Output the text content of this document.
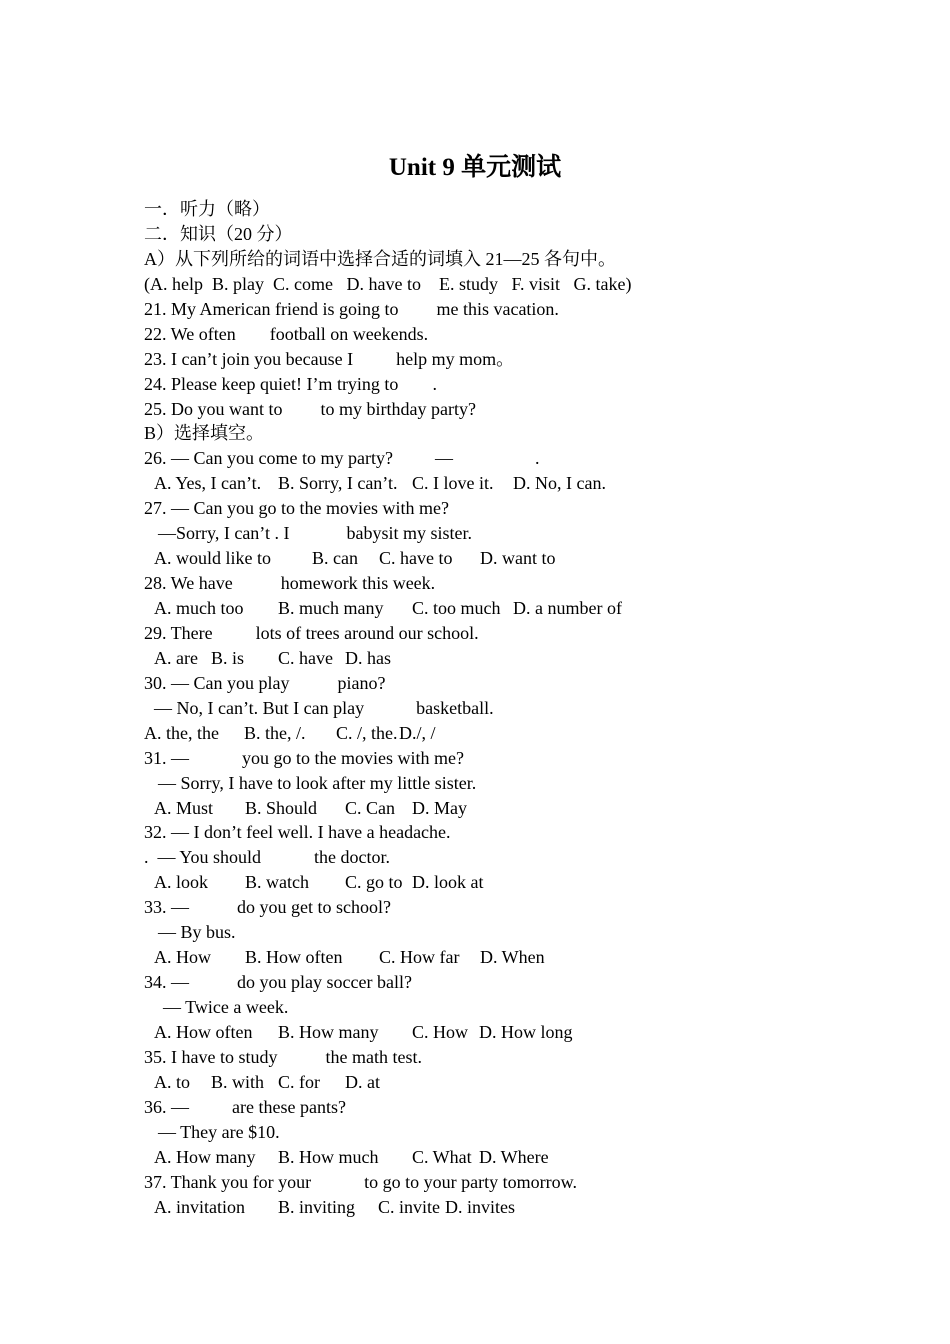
Unit 9 单元测试
一．听力（略）
二．知识（20 分）
A）从下列所给的词语中选择合适的词填入 21—25 各句中。
(A. help  B. play  C. come   D. have to    E. study   F. visit   G. take)
21. My American friend is going to me this vacation.
22. We often football on weekends.
23. I can’t join you because I help my mom。
24. Please keep quiet! I’m trying to .
25. Do you want to to my birthday party?
B）选择填空。
26. — Can you come to my party? —	.
A. Yes, I can’t. B. Sorry, I can’t. C. I love it. D. No, I can.
27. — Can you go to the movies with me?
—Sorry, I can’t . I	babysit my sister.
A. would like to B. can C. have to D. want to
28. We have	homework this week.
A. much too B. much many C. too much D. a number of
29. There lots of trees around our school.
A. are B. is C. have D. has
30. — Can you play	piano?
— No, I can’t. But I can play	basketball.
A. the, the B. the, /. C. /, the.D./, /
31. —	you go to the movies with me?
— Sorry, I have to look after my little sister.
A. Must B. Should C. Can D. May
32. — I don’t feel well. I have a headache.
.  — You should	the doctor.
A. look B. watch C. go to D. look at
33. —	do you get to school?
— By bus.
A. How B. How often C. How far D. When
34. —	do you play soccer ball?
— Twice a week.
A. How often B. How many C. How D. How long
35. I have to study	the math test.
A. to B. with C. for D. at
36. — are these pants?
— They are $10.
A. How many B. How much C. What D. Where
37. Thank you for your	to go to your party tomorrow.
A. invitation B. inviting C. invite D. invites
